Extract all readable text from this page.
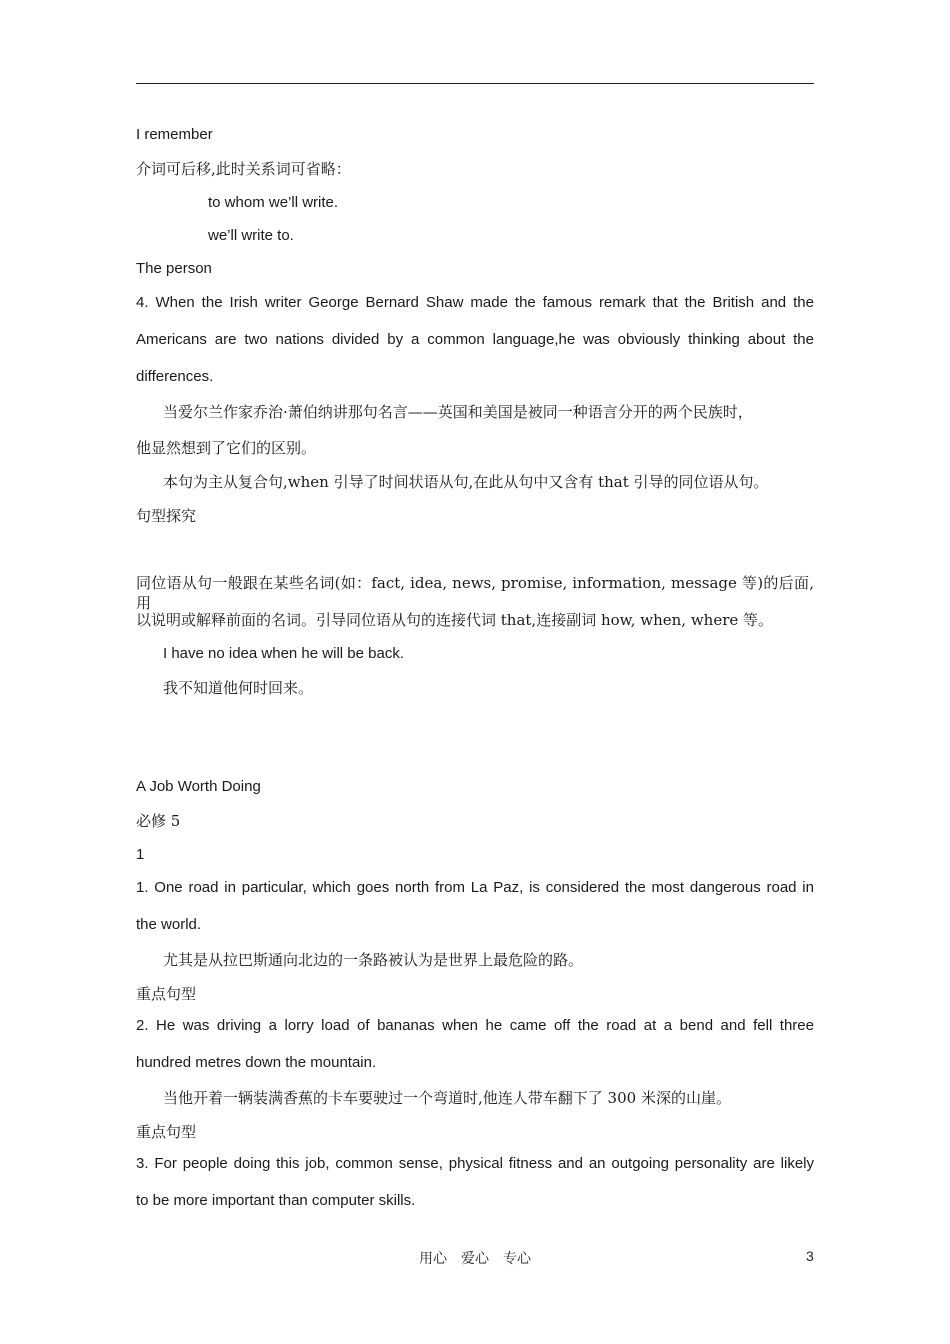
I remember
介词可后移,此时关系词可省略：
to whom we’ll write.
we’ll write to.
The person
4. When the Irish writer George Bernard Shaw made the famous remark that the British and the
Americans are two nations divided by a common language,he was obviously thinking about the
differences.
当爱尔兰作家乔治·萧伯纳讲那句名言——英国和美国是被同一种语言分开的两个民族时，
他显然想到了它们的区别。
本句为主从复合句,when 引导了时间状语从句,在此从句中又含有 that 引导的同位语从句。
句型探究
同位语从句一般跟在某些名词(如：fact, idea, news, promise, information, message 等)的后面,用
以说明或解释前面的名词。引导同位语从句的连接代词 that,连接副词 how, when, where 等。
I have no idea when he will be back.
我不知道他何时回来。
A Job Worth Doing
必修 5
1
1. One road in particular, which goes north from La Paz, is considered the most dangerous road in
the world.
尤其是从拉巴斯通向北边的一条路被认为是世界上最危险的路。
重点句型
2. He was driving a lorry load of bananas when he came off the road at a bend and fell three
hundred metres down the mountain.
当他开着一辆装满香蕉的卡车要驶过一个弯道时,他连人带车翻下了 300 米深的山崖。
重点句型
3. For people doing this job, common sense, physical fitness and an outgoing personality are likely
to be more important than computer skills.
用心　爱心　专心	3
